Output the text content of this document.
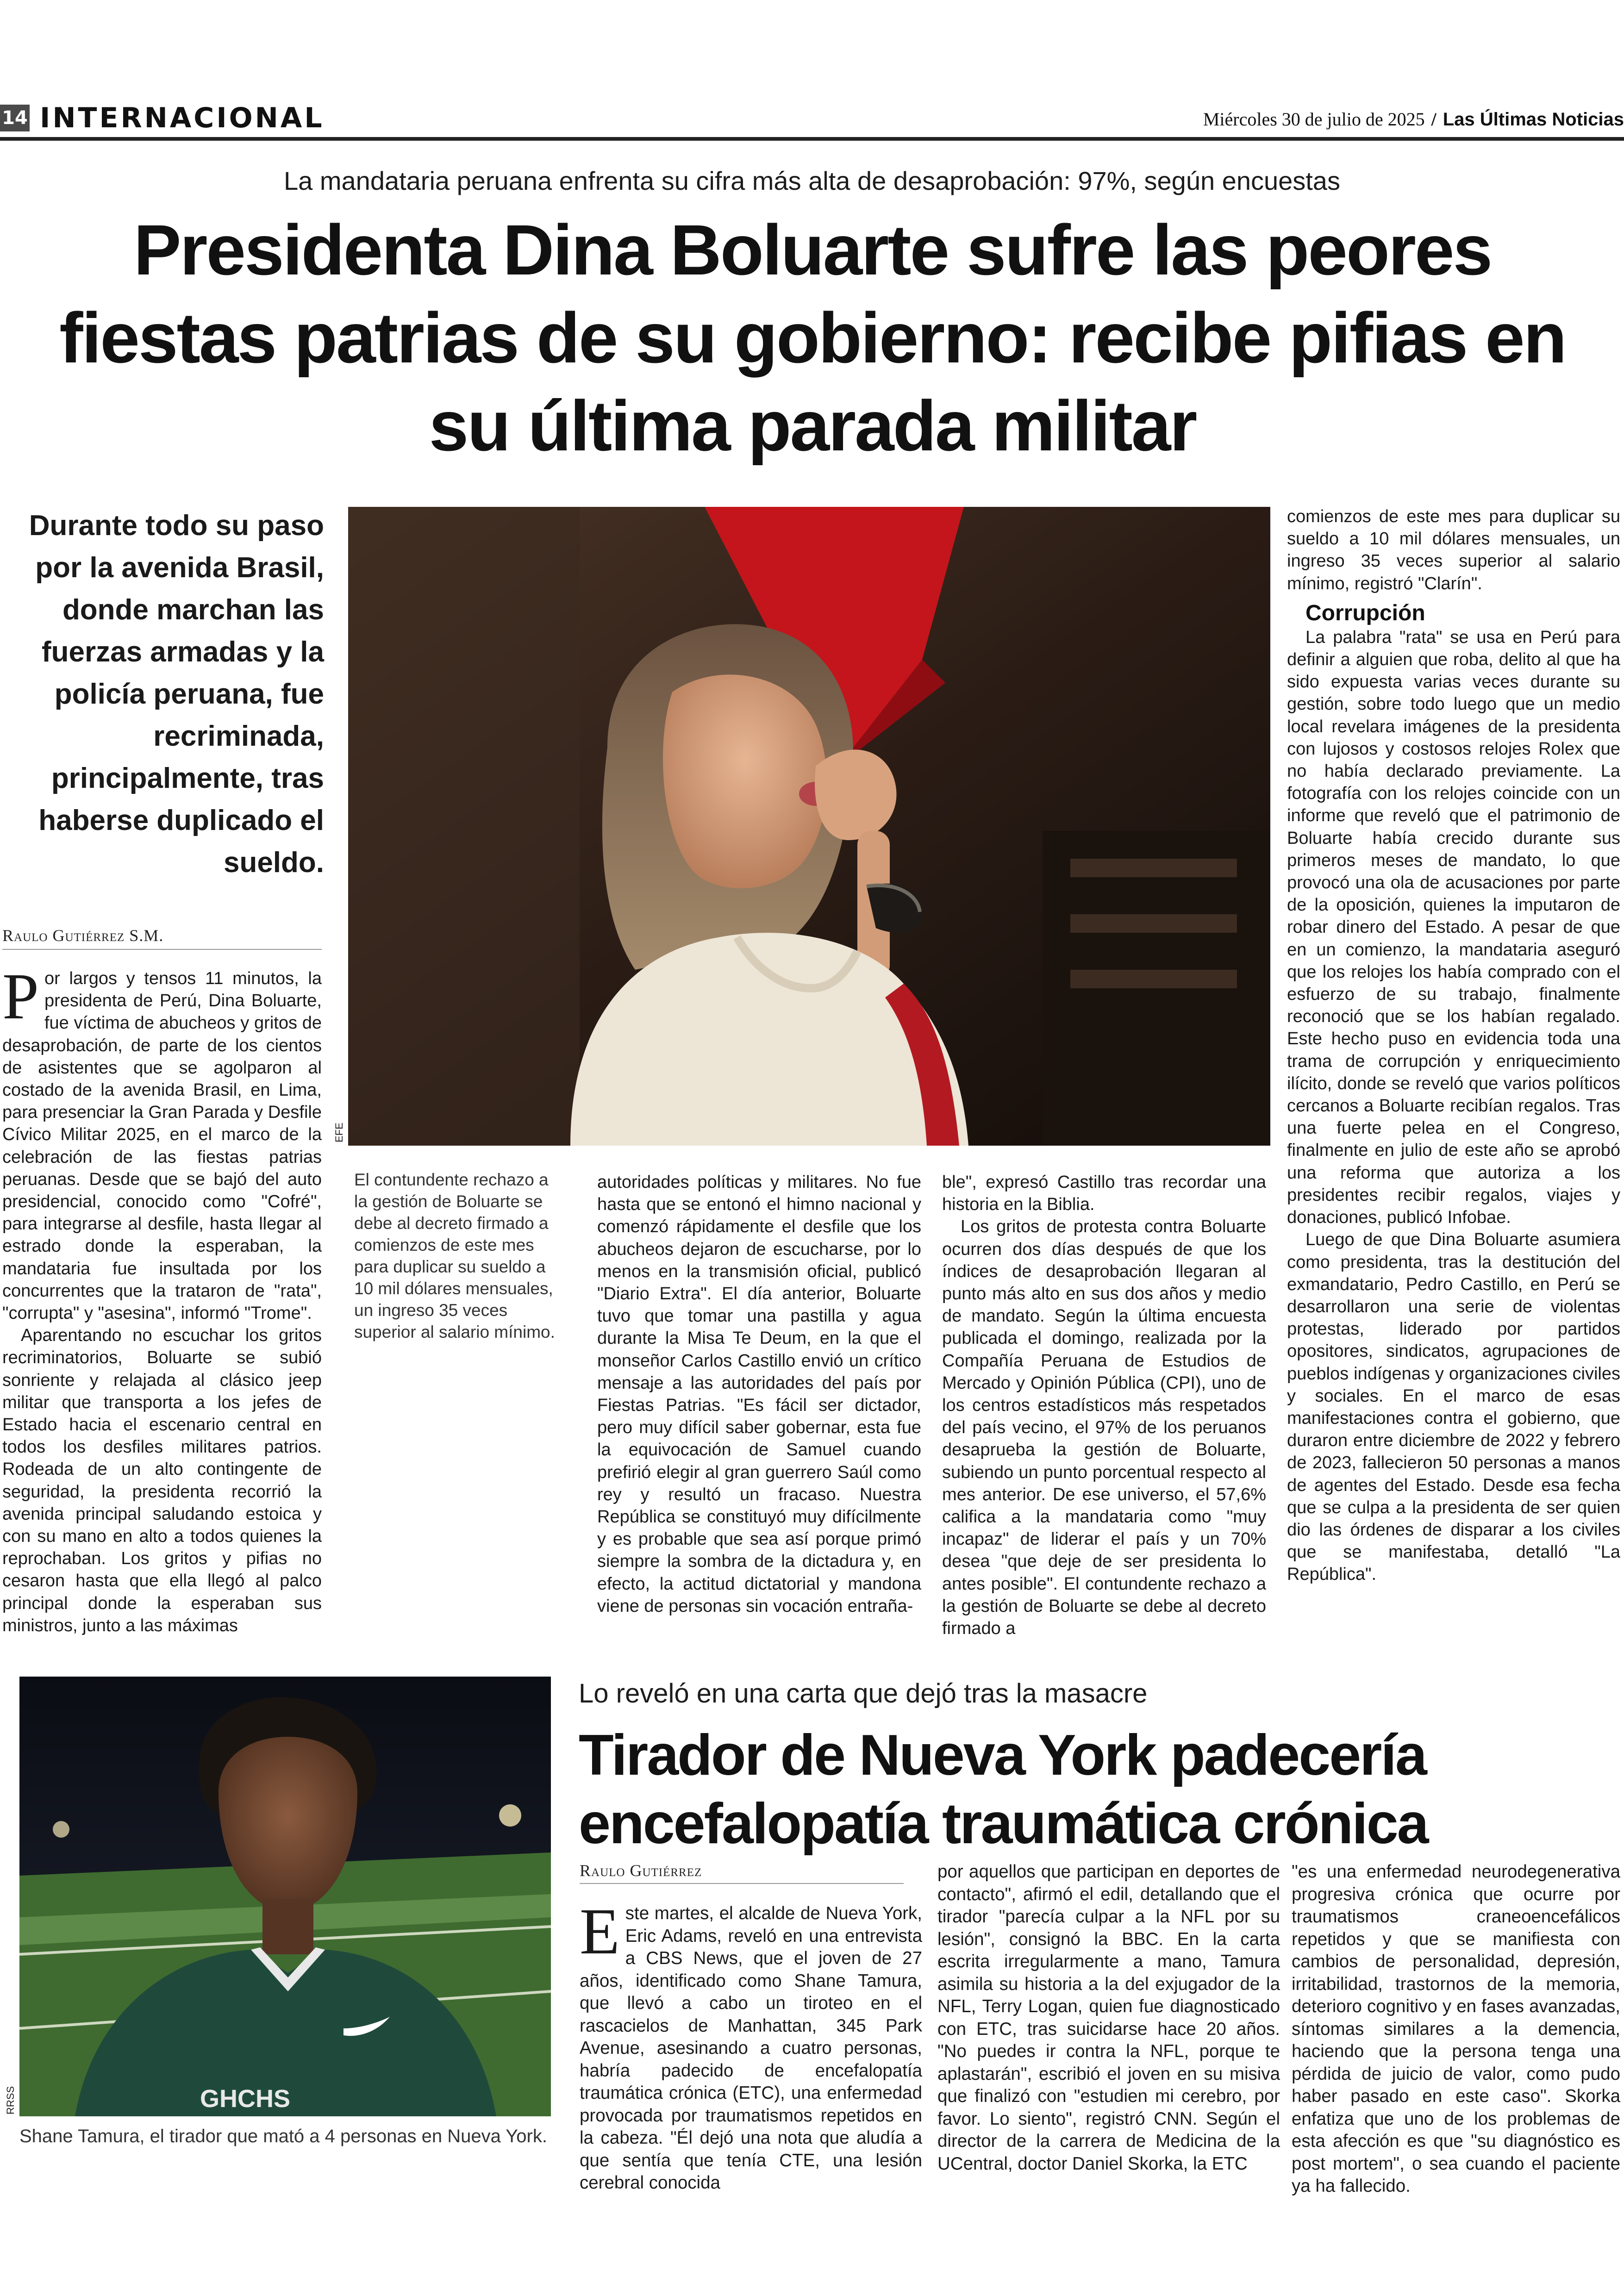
14 INTERNACIONAL	Miércoles 30 de julio de 2025 / Las Últimas Noticias
La mandataria peruana enfrenta su cifra más alta de desaprobación: 97%, según encuestas
Presidenta Dina Boluarte sufre las peores fiestas patrias de su gobierno: recibe pifias en su última parada militar
Durante todo su paso por la avenida Brasil, donde marchan las fuerzas armadas y la policía peruana, fue recriminada, principalmente, tras haberse duplicado el sueldo.
Raulo Gutiérrez S.M.

Por largos y tensos 11 minutos, la presidenta de Perú, Dina Boluarte, fue víctima de abucheos y gritos de desaprobación, de parte de los cientos de asistentes que se agolparon al costado de la avenida Brasil, en Lima, para presenciar la Gran Parada y Desfile Cívico Militar 2025, en el marco de la celebración de las fiestas patrias peruanas. Desde que se bajó del auto presidencial, conocido como "Cofré", para integrarse al desfile, hasta llegar al estrado donde la esperaban, la mandataria fue insultada por los concurrentes que la trataron de "rata", "corrupta" y "asesina", informó "Trome".

Aparentando no escuchar los gritos recriminatorios, Boluarte se subió sonriente y relajada al clásico jeep militar que transporta a los jefes de Estado hacia el escenario central en todos los desfiles militares patrios. Rodeada de un alto contingente de seguridad, la presidenta recorrió la avenida principal saludando estoica y con su mano en alto a todos quienes la reprochaban. Los gritos y pifias no cesaron hasta que ella llegó al palco principal donde la esperaban sus ministros, junto a las máximas

EFE
El contundente rechazo a la gestión de Boluarte se debe al decreto firmado a comienzos de este mes para duplicar su sueldo a 10 mil dólares mensuales, un ingreso 35 veces superior al salario mínimo.

autoridades políticas y militares. No fue hasta que se entonó el himno nacional y comenzó rápidamente el desfile que los abucheos dejaron de escucharse, por lo menos en la transmisión oficial, publicó "Diario Extra". El día anterior, Boluarte tuvo que tomar una pastilla y agua durante la Misa Te Deum, en la que el monseñor Carlos Castillo envió un crítico mensaje a las autoridades del país por Fiestas Patrias. "Es fácil ser dictador, pero muy difícil saber gobernar, esta fue la equivocación de Samuel cuando prefirió elegir al gran guerrero Saúl como rey y resultó un fracaso. Nuestra República se constituyó muy difícilmente y es probable que sea así porque primó siempre la sombra de la dictadura y, en efecto, la actitud dictatorial y mandona viene de personas sin vocación entraña-

ble", expresó Castillo tras recordar una historia en la Biblia.

Los gritos de protesta contra Boluarte ocurren dos días después de que los índices de desaprobación llegaran al punto más alto en sus dos años y medio de mandato. Según la última encuesta publicada el domingo, realizada por la Compañía Peruana de Estudios de Mercado y Opinión Pública (CPI), uno de los centros estadísticos más respetados del país vecino, el 97% de los peruanos desaprueba la gestión de Boluarte, subiendo un punto porcentual respecto al mes anterior. De ese universo, el 57,6% califica a la mandataria como "muy incapaz" de liderar el país y un 70% desea "que deje de ser presidenta lo antes posible". El contundente rechazo a la gestión de Boluarte se debe al decreto firmado a

comienzos de este mes para duplicar su sueldo a 10 mil dólares mensuales, un ingreso 35 veces superior al salario mínimo, registró "Clarín".

Corrupción

La palabra "rata" se usa en Perú para definir a alguien que roba, delito al que ha sido expuesta varias veces durante su gestión, sobre todo luego que un medio local revelara imágenes de la presidenta con lujosos y costosos relojes Rolex que no había declarado previamente. La fotografía con los relojes coincide con un informe que reveló que el patrimonio de Boluarte había crecido durante sus primeros meses de mandato, lo que provocó una ola de acusaciones por parte de la oposición, quienes la imputaron de robar dinero del Estado. A pesar de que en un comienzo, la mandataria aseguró que los relojes los había comprado con el esfuerzo de su trabajo, finalmente reconoció que se los habían regalado. Este hecho puso en evidencia toda una trama de corrupción y enriquecimiento ilícito, donde se reveló que varios políticos cercanos a Boluarte recibían regalos. Tras una fuerte pelea en el Congreso, finalmente en julio de este año se aprobó una reforma que autoriza a los presidentes recibir regalos, viajes y donaciones, publicó Infobae.

Luego de que Dina Boluarte asumiera como presidenta, tras la destitución del exmandatario, Pedro Castillo, en Perú se desarrollaron una serie de violentas protestas, liderado por partidos opositores, sindicatos, agrupaciones de pueblos indígenas y organizaciones civiles y sociales. En el marco de esas manifestaciones contra el gobierno, que duraron entre diciembre de 2022 y febrero de 2023, fallecieron 50 personas a manos de agentes del Estado. Desde esa fecha que se culpa a la presidenta de ser quien dio las órdenes de disparar a los civiles que se manifestaba, detalló "La República".

GHCHS
RRSS
Shane Tamura, el tirador que mató a 4 personas en Nueva York.
Lo reveló en una carta que dejó tras la masacre
Tirador de Nueva York padecería encefalopatía traumática crónica
Raulo Gutiérrez

Este martes, el alcalde de Nueva York, Eric Adams, reveló en una entrevista a CBS News, que el joven de 27 años, identificado como Shane Tamura, que llevó a cabo un tiroteo en el rascacielos de Manhattan, 345 Park Avenue, asesinando a cuatro personas, habría padecido de encefalopatía traumática crónica (ETC), una enfermedad provocada por traumatismos repetidos en la cabeza. "Él dejó una nota que aludía a que sentía que tenía CTE, una lesión cerebral conocida

por aquellos que participan en deportes de contacto", afirmó el edil, detallando que el tirador "parecía culpar a la NFL por su lesión", consignó la BBC. En la carta escrita irregularmente a mano, Tamura asimila su historia a la del exjugador de la NFL, Terry Logan, quien fue diagnosticado con ETC, tras suicidarse hace 20 años. "No puedes ir contra la NFL, porque te aplastarán", escribió el joven en su misiva que finalizó con "estudien mi cerebro, por favor. Lo siento", registró CNN. Según el director de la carrera de Medicina de la UCentral, doctor Daniel Skorka, la ETC

"es una enfermedad neurodegenerativa progresiva crónica que ocurre por traumatismos craneoencefálicos repetidos y que se manifiesta con cambios de personalidad, depresión, irritabilidad, trastornos de la memoria, deterioro cognitivo y en fases avanzadas, síntomas similares a la demencia, haciendo que la persona tenga una pérdida de juicio de valor, como pudo haber pasado en este caso". Skorka enfatiza que uno de los problemas de esta afección es que "su diagnóstico es post mortem", o sea cuando el paciente ya ha fallecido.
